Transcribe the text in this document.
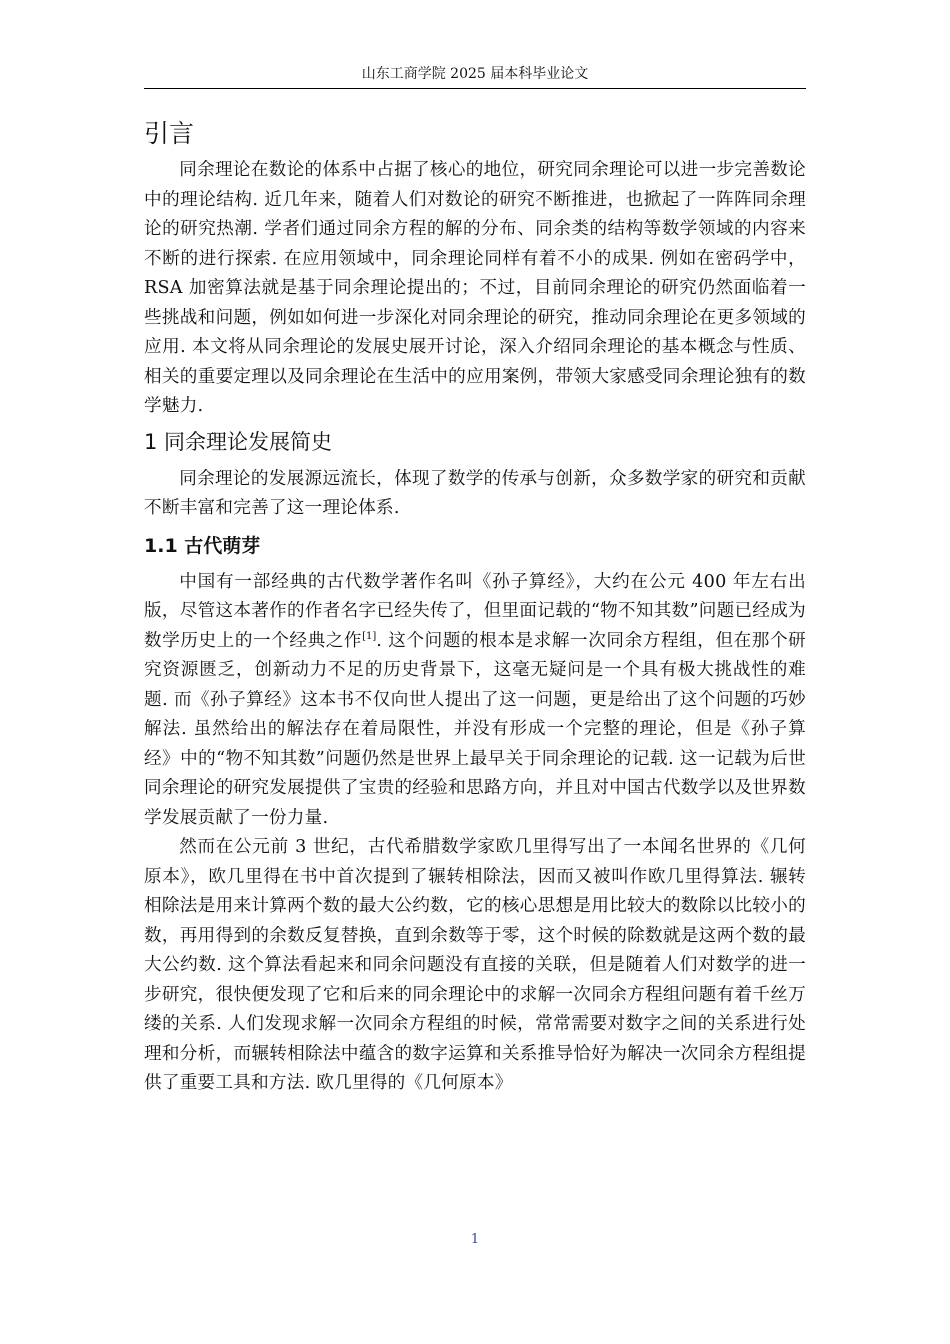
山东工商学院 2025 届本科毕业论文
引言

同余理论在数论的体系中占据了核心的地位，研究同余理论可以进一步完善数论中的理论结构. 近几年来，随着人们对数论的研究不断推进，也掀起了一阵阵同余理论的研究热潮. 学者们通过同余方程的解的分布、同余类的结构等数学领域的内容来不断的进行探索. 在应用领域中，同余理论同样有着不小的成果. 例如在密码学中，RSA 加密算法就是基于同余理论提出的；不过，目前同余理论的研究仍然面临着一些挑战和问题，例如如何进一步深化对同余理论的研究，推动同余理论在更多领域的应用. 本文将从同余理论的发展史展开讨论，深入介绍同余理论的基本概念与性质、相关的重要定理以及同余理论在生活中的应用案例，带领大家感受同余理论独有的数学魅力.

1 同余理论发展简史

同余理论的发展源远流长，体现了数学的传承与创新，众多数学家的研究和贡献不断丰富和完善了这一理论体系.

1.1 古代萌芽

中国有一部经典的古代数学著作名叫《孙子算经》，大约在公元 400 年左右出版，尽管这本著作的作者名字已经失传了，但里面记载的“物不知其数”问题已经成为数学历史上的一个经典之作[1]. 这个问题的根本是求解一次同余方程组，但在那个研究资源匮乏，创新动力不足的历史背景下，这毫无疑问是一个具有极大挑战性的难题. 而《孙子算经》这本书不仅向世人提出了这一问题，更是给出了这个问题的巧妙解法. 虽然给出的解法存在着局限性，并没有形成一个完整的理论，但是《孙子算经》中的“物不知其数”问题仍然是世界上最早关于同余理论的记载. 这一记载为后世同余理论的研究发展提供了宝贵的经验和思路方向，并且对中国古代数学以及世界数学发展贡献了一份力量.

然而在公元前 3 世纪，古代希腊数学家欧几里得写出了一本闻名世界的《几何原本》，欧几里得在书中首次提到了辗转相除法，因而又被叫作欧几里得算法. 辗转相除法是用来计算两个数的最大公约数，它的核心思想是用比较大的数除以比较小的数，再用得到的余数反复替换，直到余数等于零，这个时候的除数就是这两个数的最大公约数. 这个算法看起来和同余问题没有直接的关联，但是随着人们对数学的进一步研究，很快便发现了它和后来的同余理论中的求解一次同余方程组问题有着千丝万缕的关系. 人们发现求解一次同余方程组的时候，常常需要对数字之间的关系进行处理和分析，而辗转相除法中蕴含的数字运算和关系推导恰好为解决一次同余方程组提供了重要工具和方法. 欧几里得的《几何原本》

1
